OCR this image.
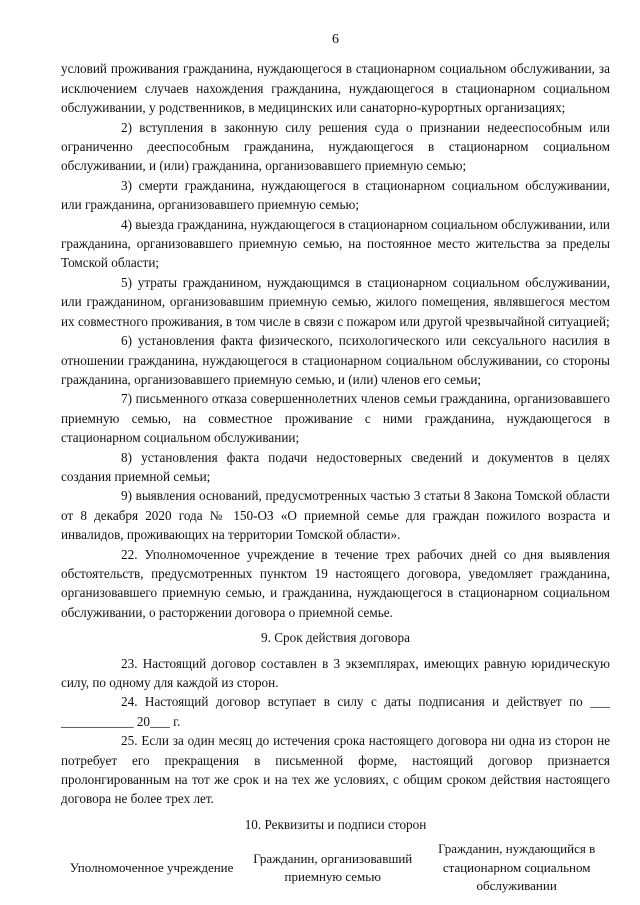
6

условий проживания гражданина, нуждающегося в стационарном социальном обслуживании, за исключением случаев нахождения гражданина, нуждающегося в стационарном социальном обслуживании, у родственников, в медицинских или санаторно-курортных организациях;

2) вступления в законную силу решения суда о признании недееспособным или ограниченно дееспособным гражданина, нуждающегося в стационарном социальном обслуживании, и (или) гражданина, организовавшего приемную семью;

3) смерти гражданина, нуждающегося в стационарном социальном обслуживании, или гражданина, организовавшего приемную семью;

4) выезда гражданина, нуждающегося в стационарном социальном обслуживании, или гражданина, организовавшего приемную семью, на постоянное место жительства за пределы Томской области;

5) утраты гражданином, нуждающимся в стационарном социальном обслуживании, или гражданином, организовавшим приемную семью, жилого помещения, являвшегося местом их совместного проживания, в том числе в связи с пожаром или другой чрезвычайной ситуацией;

6) установления факта физического, психологического или сексуального насилия в отношении гражданина, нуждающегося в стационарном социальном обслуживании, со стороны гражданина, организовавшего приемную семью, и (или) членов его семьи;

7) письменного отказа совершеннолетних членов семьи гражданина, организовавшего приемную семью, на совместное проживание с ними гражданина, нуждающегося в стационарном социальном обслуживании;

8) установления факта подачи недостоверных сведений и документов в целях создания приемной семьи;

9) выявления оснований, предусмотренных частью 3 статьи 8 Закона Томской области от 8 декабря 2020 года № 150-ОЗ «О приемной семье для граждан пожилого возраста и инвалидов, проживающих на территории Томской области».

22. Уполномоченное учреждение в течение трех рабочих дней со дня выявления обстоятельств, предусмотренных пунктом 19 настоящего договора, уведомляет гражданина, организовавшего приемную семью, и гражданина, нуждающегося в стационарном социальном обслуживании, о расторжении договора о приемной семье.

9. Срок действия договора

23. Настоящий договор составлен в 3 экземплярах, имеющих равную юридическую силу, по одному для каждой из сторон.

24. Настоящий договор вступает в силу с даты подписания и действует по ___ ___________ 20___ г.

25. Если за один месяц до истечения срока настоящего договора ни одна из сторон не потребует его прекращения в письменной форме, настоящий договор признается пролонгированным на тот же срок и на тех же условиях, с общим сроком действия настоящего договора не более трех лет.

10. Реквизиты и подписи сторон
Уполномоченное учреждение	Гражданин, организовавший приемную семью	Гражданин, нуждающийся в стационарном социальном обслуживании
